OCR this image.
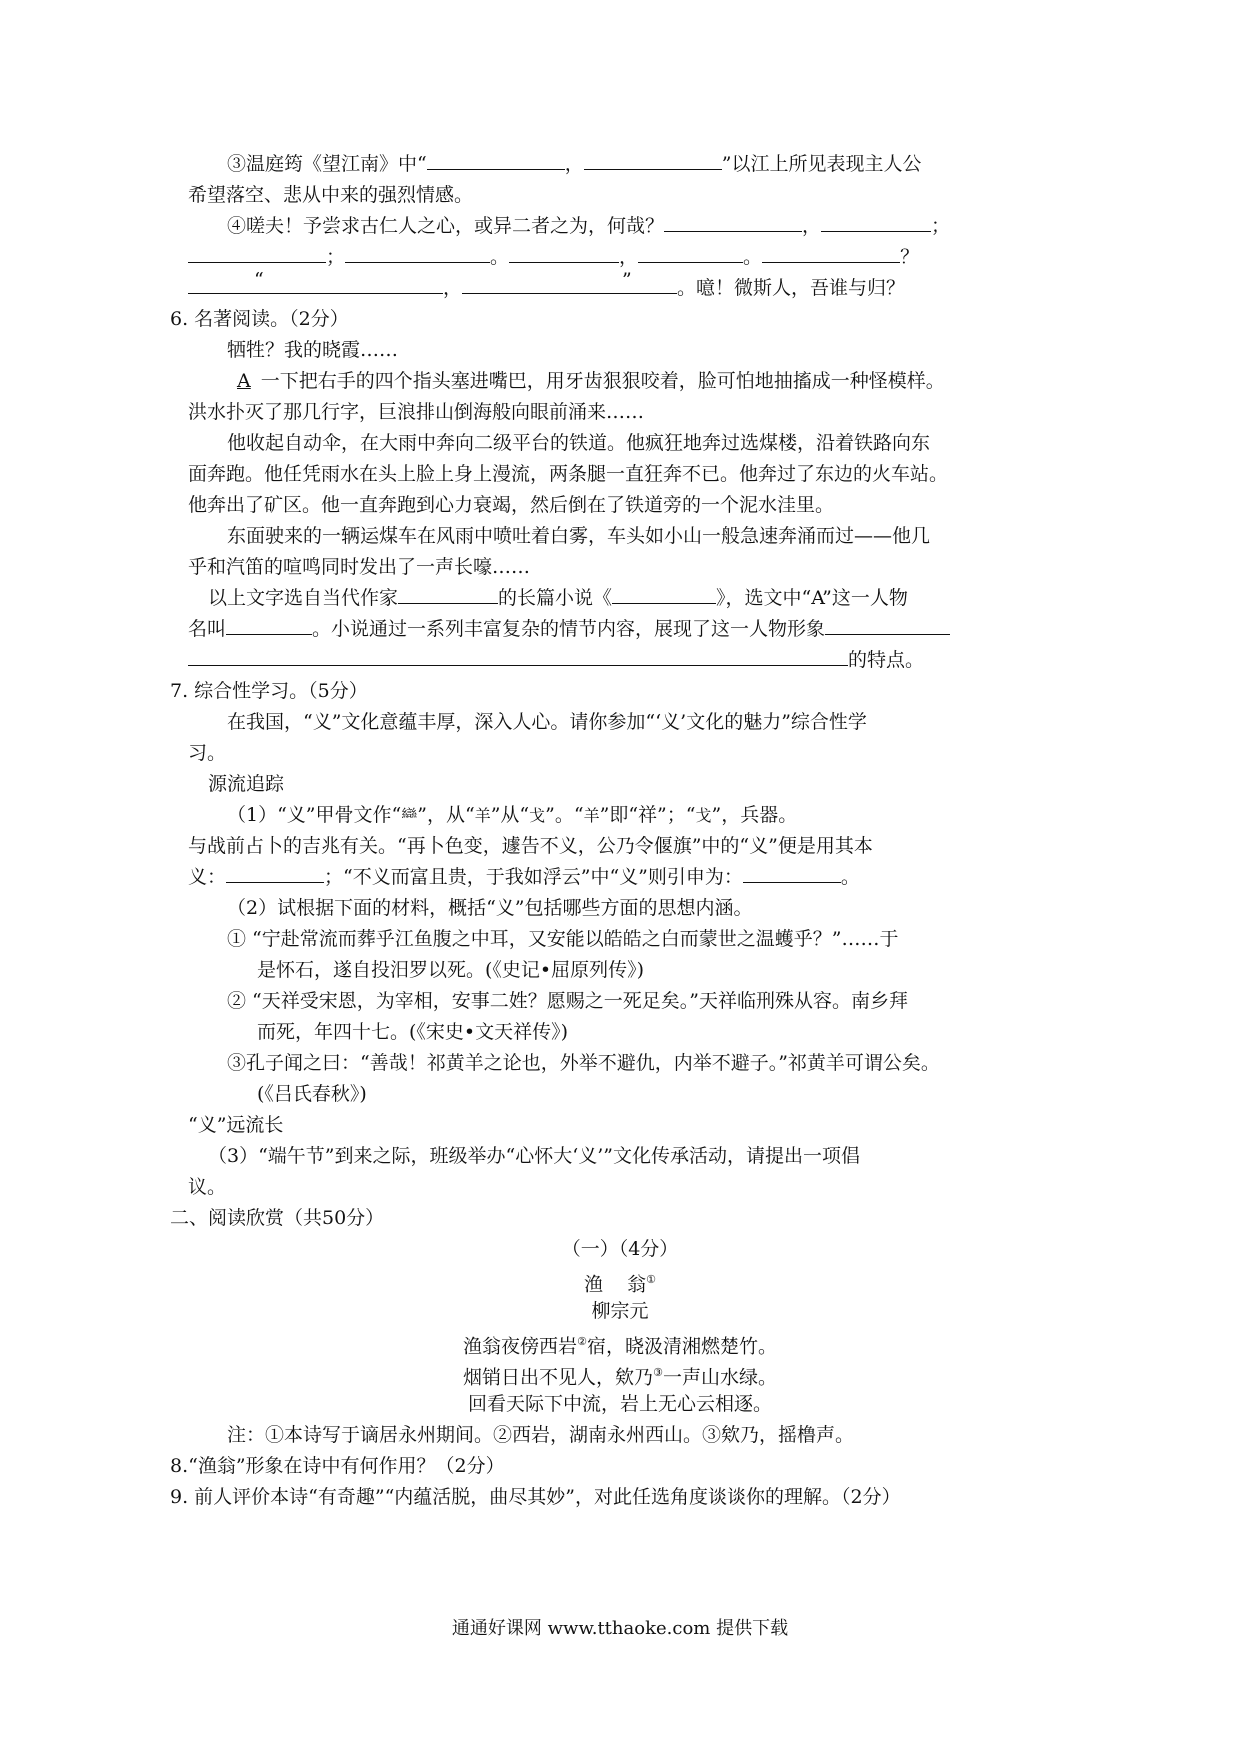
③温庭筠《望江南》中“	，	”以江上所见表现主人公
希望落空、悲从中来的强烈情感。
④嗟夫！予尝求古仁人之心，或异二者之为，何哉？	，	；
；	。	，	。	？
“	，	” 。噫！微斯人，吾谁与归？
6. 名著阅读。（2分）
牺牲？我的晓霞……
A 一下把右手的四个指头塞进嘴巴，用牙齿狠狠咬着，脸可怕地抽搐成一种怪模样。
洪水扑灭了那几行字，巨浪排山倒海般向眼前涌来……
他收起自动伞，在大雨中奔向二级平台的铁道。他疯狂地奔过选煤楼，沿着铁路向东
面奔跑。他任凭雨水在头上脸上身上漫流，两条腿一直狂奔不已。他奔过了东边的火车站。
他奔出了矿区。他一直奔跑到心力衰竭，然后倒在了铁道旁的一个泥水洼里。
东面驶来的一辆运煤车在风雨中喷吐着白雾，车头如小山一般急速奔涌而过——他几
乎和汽笛的喧鸣同时发出了一声长嚎……
以上文字选自当代作家	的长篇小说《	》，选文中“A”这一人物
名叫	。小说通过一系列丰富复杂的情节内容，展现了这一人物形象
的特点。
7. 综合性学习。（5分）
在我国，“义”文化意蕴丰厚，深入人心。请你参加“‘义’文化的魅力”综合性学
习。
源流追踪
（1）“义”甲骨文作“龻”，从“羊”从“戈”。“羊”即“祥”；“戈”，兵器。
与战前占卜的吉兆有关。“再卜色变，遽告不义，公乃令偃旗”中的“义”便是用其本
义：	；“不义而富且贵，于我如浮云”中“义”则引申为：	。
（2）试根据下面的材料，概括“义”包括哪些方面的思想内涵。
① “宁赴常流而葬乎江鱼腹之中耳，又安能以皓皓之白而蒙世之温蠖乎？”……于
是怀石，遂自投汨罗以死。(《史记•屈原列传》)
② “天祥受宋恩，为宰相，安事二姓？愿赐之一死足矣。”天祥临刑殊从容。南乡拜
而死，年四十七。(《宋史•文天祥传》)
③孔子闻之曰：“善哉！祁黄羊之论也，外举不避仇，内举不避子。”祁黄羊可谓公矣。
(《吕氏春秋》)
“义”远流长
（3）“端午节”到来之际，班级举办“心怀大‘义’”文化传承活动，请提出一项倡
议。
二、阅读欣赏（共50分）
（一）（4分）
渔    翁①
柳宗元
渔翁夜傍西岩②宿，晓汲清湘燃楚竹。
烟销日出不见人，欸乃③一声山水绿。
回看天际下中流，岩上无心云相逐。
注：①本诗写于谪居永州期间。②西岩，湖南永州西山。③欸乃，摇橹声。
8.“渔翁”形象在诗中有何作用？（2分）
9. 前人评价本诗“有奇趣”“内蕴活脱，曲尽其妙”，对此任选角度谈谈你的理解。（2分）
通通好课网 www.tthaoke.com 提供下载
